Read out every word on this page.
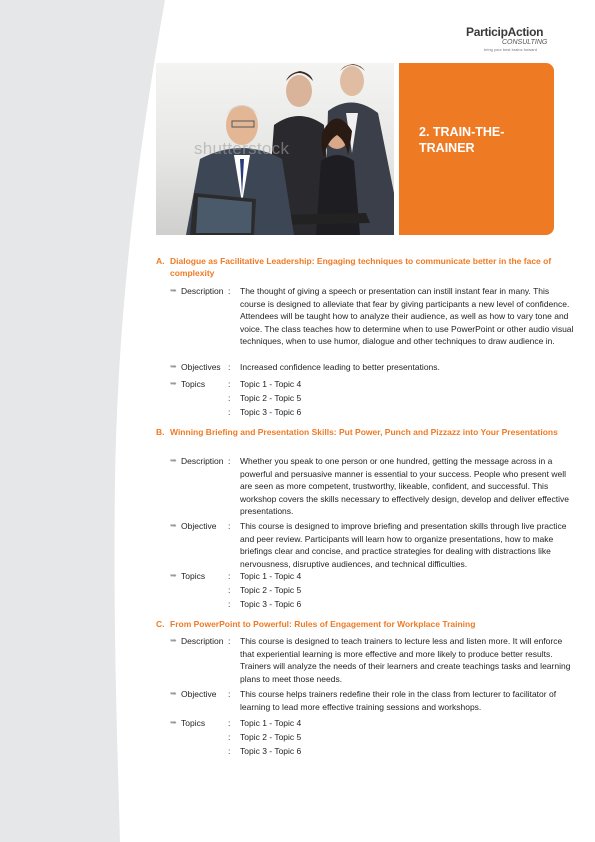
ParticipAction
CONSULTING
bring your best brains forward
shutterstock
2. TRAIN-THE-TRAINER
A. Dialogue as Facilitative Leadership: Engaging techniques to communicate better in the face of complexity
➥ Description : The thought of giving a speech or presentation can instill instant fear in many. This course is designed to alleviate that fear by giving participants a new level of confidence. Attendees will be taught how to analyze their audience, as well as how to vary tone and voice. The class teaches how to determine when to use PowerPoint or other audio visual techniques, when to use humor, dialogue and other techniques to draw audience in.
➥ Objectives : Increased confidence leading to better presentations.
➥ Topics	: Topic 1 - Topic 4
: Topic 2 - Topic 5
: Topic 3 - Topic 6
B. Winning Briefing and Presentation Skills: Put Power, Punch and Pizzazz into Your Presentations
➥ Description : Whether you speak to one person or one hundred, getting the message across in a powerful and persuasive manner is essential to your success. People who present well are seen as more competent, trustworthy, likeable, confident, and successful. This workshop covers the skills necessary to effectively design, develop and deliver effective presentations.
➥ Objective : This course is designed to improve briefing and presentation skills through live practice and peer review. Participants will learn how to organize presentations, how to make briefings clear and concise, and practice strategies for dealing with distractions like nervousness, disruptive audiences, and technical difficulties.
➥ Topics	: Topic 1 - Topic 4
: Topic 2 - Topic 5
: Topic 3 - Topic 6
C. From PowerPoint to Powerful: Rules of Engagement for Workplace Training
➥ Description : This course is designed to teach trainers to lecture less and listen more. It will enforce that experiential learning is more effective and more likely to produce better results. Trainers will analyze the needs of their learners and create teachings tasks and learning plans to meet those needs.
➥ Objective : This course helps trainers redefine their role in the class from lecturer to facilitator of learning to lead more effective training sessions and workshops.
➥ Topics	: Topic 1 - Topic 4
: Topic 2 - Topic 5
: Topic 3 - Topic 6
